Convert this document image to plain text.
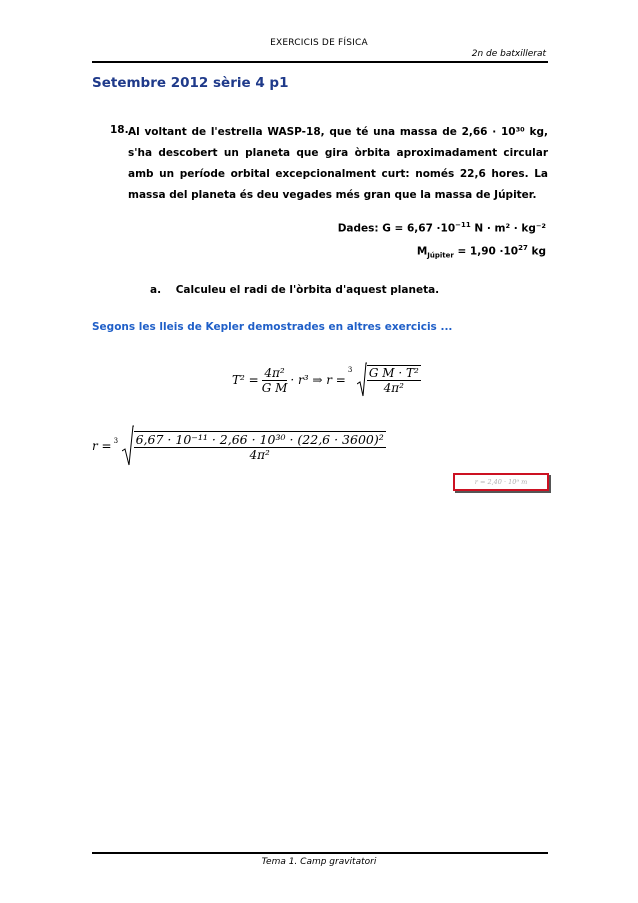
EXERCICIS DE FÍSICA
2n de batxillerat
Setembre 2012 sèrie 4 p1
18. Al voltant de l'estrella WASP-18, que té una massa de 2,66 · 10³⁰ kg, s'ha descobert un planeta que gira òrbita aproximadament circular amb un període orbital excepcionalment curt: només 22,6 hores. La massa del planeta és deu vegades més gran que la massa de Júpiter.
Dades: $G = 6,67 \cdot 10^{-11}$ N · m² · kg⁻²
$M_{Júpiter} = 1,90 \cdot 10^{27}$ kg
a. Calculeu el radi de l'òrbita d'aquest planeta.
Segons les lleis de Kepler demostrades en altres exercicis ...
$T^2 = \frac{\text{4π²}}{\text{G M}} \cdot r^3$ ⇒ r =
$3 \frac{\text{G M · T²}}{\text{4π²}}$
$r = 3 \frac{\text{6,67 · 10⁻¹¹ · 2,66 · 10³⁰ · (22,6 · 3600)²}}{\text{4π²}}$
r = 2,40 · 10⁹ m
Tema 1. Camp gravitatori
